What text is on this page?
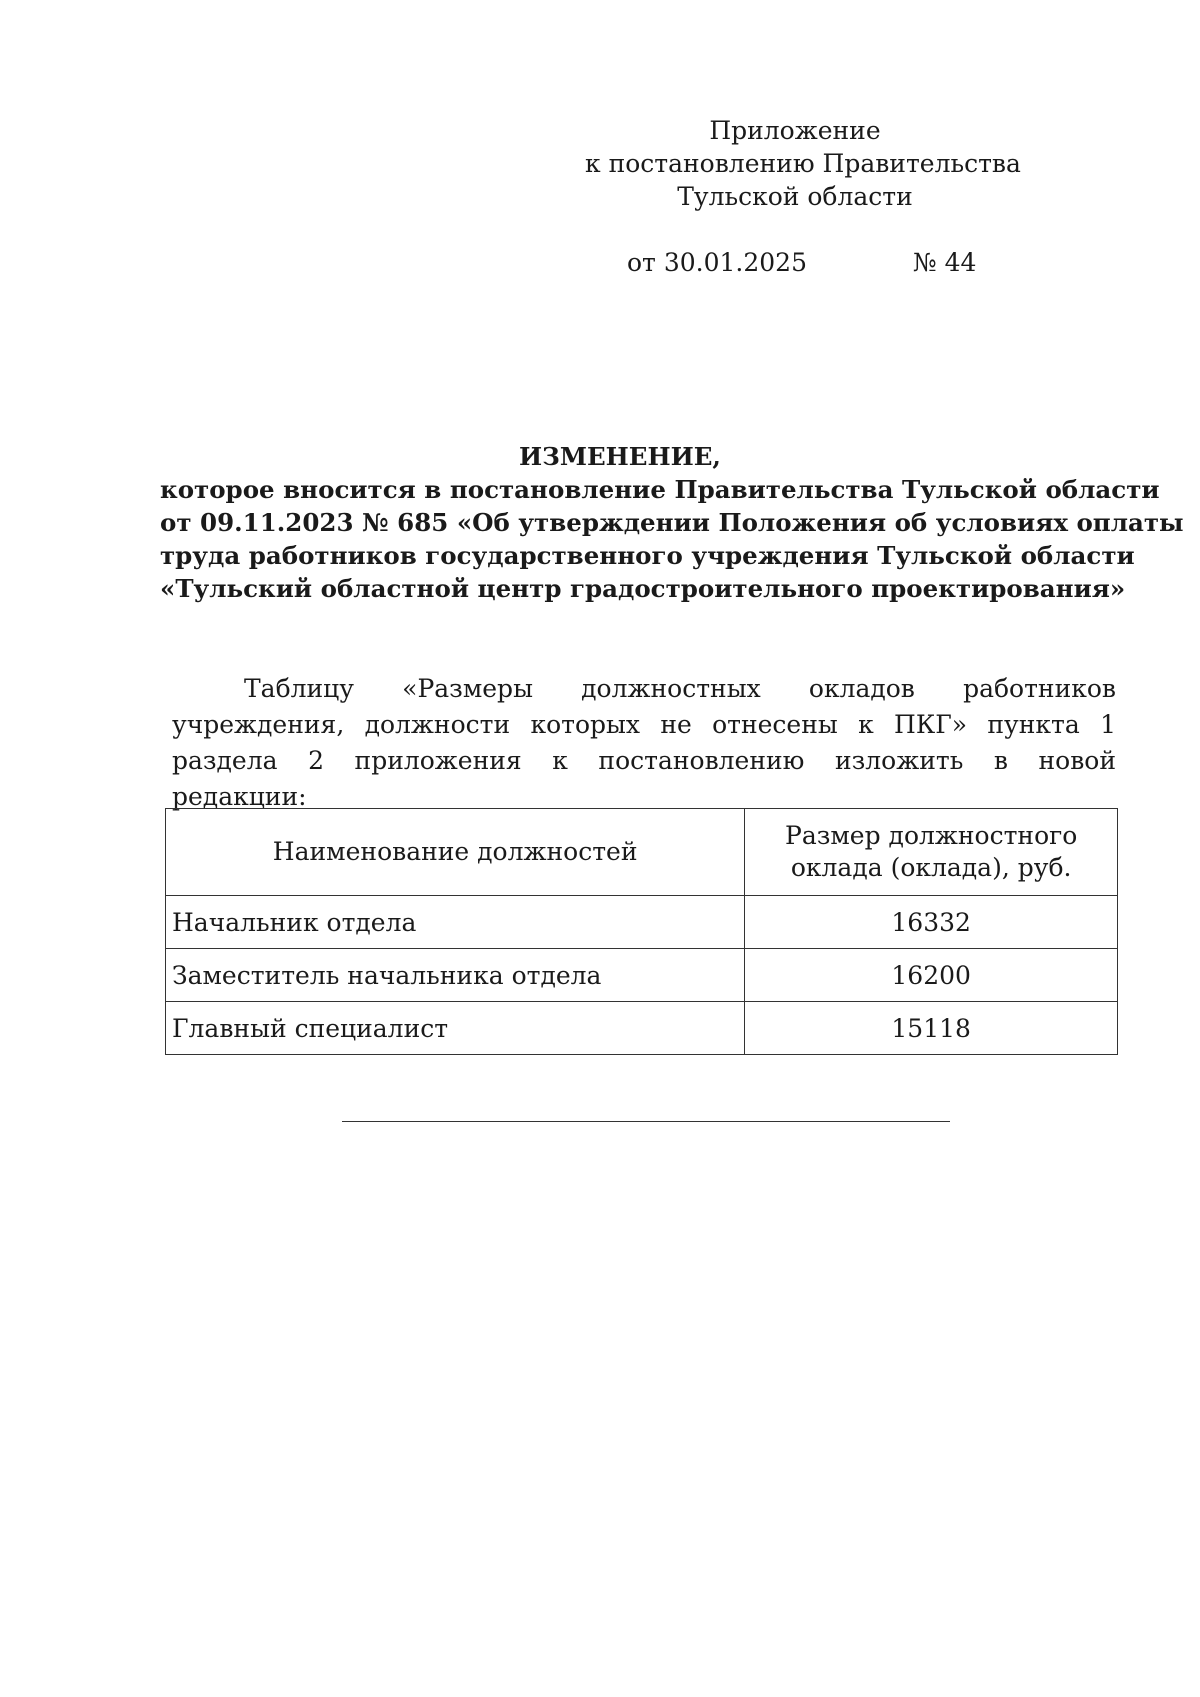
Приложение
к постановлению Правительства
Тульской области
от 30.01.2025	№ 44
ИЗМЕНЕНИЕ,
которое вносится в постановление Правительства Тульской области
от 09.11.2023 № 685 «Об утверждении Положения об условиях оплаты
труда работников государственного учреждения Тульской области
«Тульский областной центр градостроительного проектирования»
Таблицу «Размеры должностных окладов работников учреждения, должности которых не отнесены к ПКГ» пункта 1 раздела 2 приложения к постановлению изложить в новой редакции:
Наименование должностей	Размер должностного оклада (оклада), руб.
Начальник отдела	16332
Заместитель начальника отдела	16200
Главный специалист	15118
